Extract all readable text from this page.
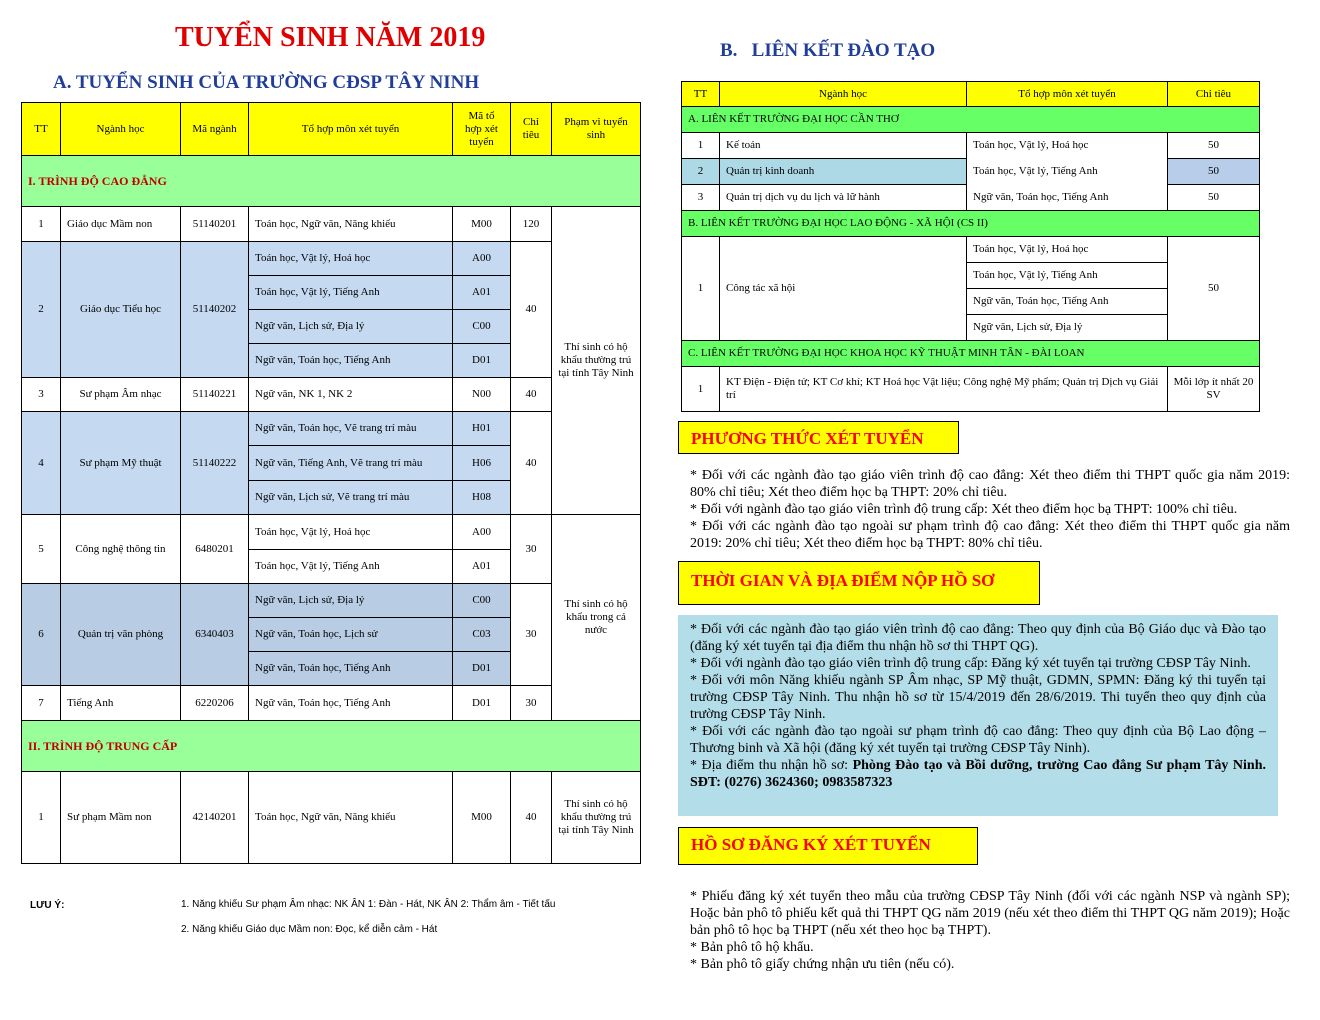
TUYỂN SINH NĂM 2019
A. TUYỂN SINH CỦA TRƯỜNG CĐSP TÂY NINH
TT	Ngành học	Mã ngành	Tổ hợp môn xét tuyển	Mã tổ hợp xét tuyển	Chỉ tiêu	Phạm vi tuyển sinh
I. TRÌNH ĐỘ CAO ĐẲNG						
1	Giáo dục Mầm non	51140201	Toán học, Ngữ văn, Năng khiếu	M00	120	Thí sinh có hộ khẩu thường trú tại tỉnh Tây Ninh
2	Giáo dục Tiểu học	51140202	Toán học, Vật lý, Hoá học	A00	40	
			Toán học, Vật lý, Tiếng Anh	A01		
			Ngữ văn, Lịch sử, Địa lý	C00		
			Ngữ văn, Toán học, Tiếng Anh	D01		
3	Sư phạm Âm nhạc	51140221	Ngữ văn, NK 1, NK 2	N00	40	
4	Sư phạm Mỹ thuật	51140222	Ngữ văn, Toán học, Vẽ trang trí màu	H01	40	
			Ngữ văn, Tiếng Anh, Vẽ trang trí màu	H06		
			Ngữ văn, Lịch sử, Vẽ trang trí màu	H08		
5	Công nghệ thông tin	6480201	Toán học, Vật lý, Hoá học	A00	30	Thí sinh có hộ khẩu trong cả nước
			Toán học, Vật lý, Tiếng Anh	A01		
6	Quản trị văn phòng	6340403	Ngữ văn, Lịch sử, Địa lý	C00	30	
			Ngữ văn, Toán học, Lịch sử	C03		
			Ngữ văn, Toán học, Tiếng Anh	D01		
7	Tiếng Anh	6220206	Ngữ văn, Toán học, Tiếng Anh	D01	30	
II. TRÌNH ĐỘ TRUNG CẤP						
1	Sư phạm Mầm non	42140201	Toán học, Ngữ văn, Năng khiếu	M00	40	Thí sinh có hộ khẩu thường trú tại tỉnh Tây Ninh
LƯU Ý:	1. Năng khiếu Sư phạm Âm nhạc: NK ÂN 1: Đàn - Hát, NK ÂN 2: Thẩm âm - Tiết tấu
2. Năng khiếu Giáo dục Mầm non: Đọc, kể diễn cảm - Hát
B.   LIÊN KẾT ĐÀO TẠO
TT	Ngành học	Tổ hợp môn xét tuyển	Chỉ tiêu
A. LIÊN KẾT TRƯỜNG ĐẠI HỌC CẦN THƠ			
1	Kế toán	Toán học, Vật lý, Hoá học	50
2	Quản trị kinh doanh	Toán học, Vật lý, Tiếng Anh	50
3	Quản trị dịch vụ du lịch và lữ hành	Ngữ văn, Toán học, Tiếng Anh	50
B. LIÊN KẾT TRƯỜNG ĐẠI HỌC LAO ĐỘNG - XÃ HỘI (CS II)			
1	Công tác xã hội	Toán học, Vật lý, Hoá học	50
		Toán học, Vật lý, Tiếng Anh	
		Ngữ văn, Toán học, Tiếng Anh	
		Ngữ văn, Lịch sử, Địa lý	
C. LIÊN KẾT TRƯỜNG ĐẠI HỌC KHOA HỌC KỸ THUẬT MINH TÂN - ĐÀI LOAN			
1	KT Điện - Điện tử; KT Cơ khí; KT Hoá học Vật liệu; Công nghệ Mỹ phẩm; Quản trị Dịch vụ Giải trí		Mỗi lớp ít nhất 20 SV
PHƯƠNG THỨC XÉT TUYỂN

* Đối với các ngành đào tạo giáo viên trình độ cao đẳng: Xét theo điểm thi THPT quốc gia năm 2019: 80% chỉ tiêu; Xét theo điểm học bạ THPT: 20% chỉ tiêu.

* Đối với ngành đào tạo giáo viên trình độ trung cấp: Xét theo điểm học bạ THPT: 100% chỉ tiêu.

* Đối với các ngành đào tạo ngoài sư phạm trình độ cao đẳng: Xét theo điểm thi THPT quốc gia năm 2019: 20% chỉ tiêu; Xét theo điểm học bạ THPT: 80% chỉ tiêu.

THỜI GIAN VÀ ĐỊA ĐIỂM NỘP HỒ SƠ

* Đối với các ngành đào tạo giáo viên trình độ cao đẳng: Theo quy định của Bộ Giáo dục và Đào tạo (đăng ký xét tuyển tại địa điểm thu nhận hồ sơ thi THPT QG).

* Đối với ngành đào tạo giáo viên trình độ trung cấp: Đăng ký xét tuyển tại trường CĐSP Tây Ninh.

* Đối với môn Năng khiếu ngành SP Âm nhạc, SP Mỹ thuật, GDMN, SPMN: Đăng ký thi tuyển tại trường CĐSP Tây Ninh. Thu nhận hồ sơ từ 15/4/2019 đến 28/6/2019. Thi tuyển theo quy định của trường CĐSP Tây Ninh.

* Đối với các ngành đào tạo ngoài sư phạm trình độ cao đẳng: Theo quy định của Bộ Lao động – Thương binh và Xã hội (đăng ký xét tuyển tại trường CĐSP Tây Ninh).

* Địa điểm thu nhận hồ sơ: Phòng Đào tạo và Bồi dưỡng, trường Cao đẳng Sư phạm Tây Ninh. SĐT: (0276) 3624360; 0983587323

HỒ SƠ ĐĂNG KÝ XÉT TUYỂN

* Phiếu đăng ký xét tuyển theo mẫu của trường CĐSP Tây Ninh (đối với các ngành NSP và ngành SP); Hoặc bản phô tô phiếu kết quả thi THPT QG năm 2019 (nếu xét theo điểm thi THPT QG năm 2019); Hoặc bản phô tô học bạ THPT (nếu xét theo học bạ THPT).

* Bản phô tô hộ khẩu.

* Bản phô tô giấy chứng nhận ưu tiên (nếu có).
